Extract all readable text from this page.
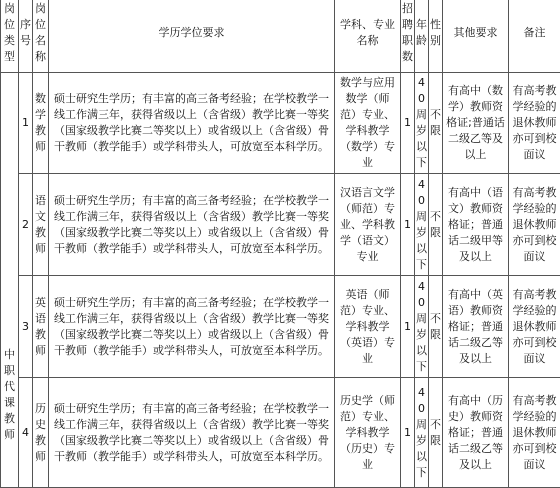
岗位类型	序号	岗位名称	学历学位要求	学科、专业名称	招聘职数	年龄	性别	其他要求	备注

中职代课教师	1	数学教师	硕士研究生学历；有丰富的高三备考经验；在学校教学一线工作满三年，获得省级以上（含省级）教学比赛一等奖（国家级教学比赛二等奖以上）或省级以上（含省级）骨干教师（教学能手）或学科带头人，可放宽至本科学历。	数学与应用数学（师范）专业、学科教学（数学）专业	1	40周岁以下	不限	有高中（数学）教师资格证;普通话二级乙等及以上	有高考教学经验的退休教师亦可到校面议
	2	语文教师	硕士研究生学历；有丰富的高三备考经验；在学校教学一线工作满三年，获得省级以上（含省级）教学比赛一等奖（国家级教学比赛二等奖以上）或省级以上（含省级）骨干教师（教学能手）或学科带头人，可放宽至本科学历。	汉语言文学（师范）专业、学科教学（语文）专业	1	40周岁以下	不限	有高中（语文）教师资格证；普通话二级甲等及以上	有高考教学经验的退休教师亦可到校面议
	3	英语教师	硕士研究生学历；有丰富的高三备考经验；在学校教学一线工作满三年，获得省级以上（含省级）教学比赛一等奖（国家级教学比赛二等奖以上）或省级以上（含省级）骨干教师（教学能手）或学科带头人，可放宽至本科学历。	英语（师范）专业、学科教学（英语）专业	1	40周岁以下	不限	有高中（英语）教师资格证；普通话二级乙等及以上	有高考教学经验的退休教师亦可到校面议
	4	历史教师	硕士研究生学历；有丰富的高三备考经验；在学校教学一线工作满三年，获得省级以上（含省级）教学比赛一等奖（国家级教学比赛二等奖以上）或省级以上（含省级）骨干教师（教学能手）或学科带头人，可放宽至本科学历。	历史学（师范）专业、学科教学（历史）专业	1	40周岁以下	不限	有高中（历史）教师资格证；普通话二级乙等及以上	有高考教学经验的退休教师亦可到校面议
